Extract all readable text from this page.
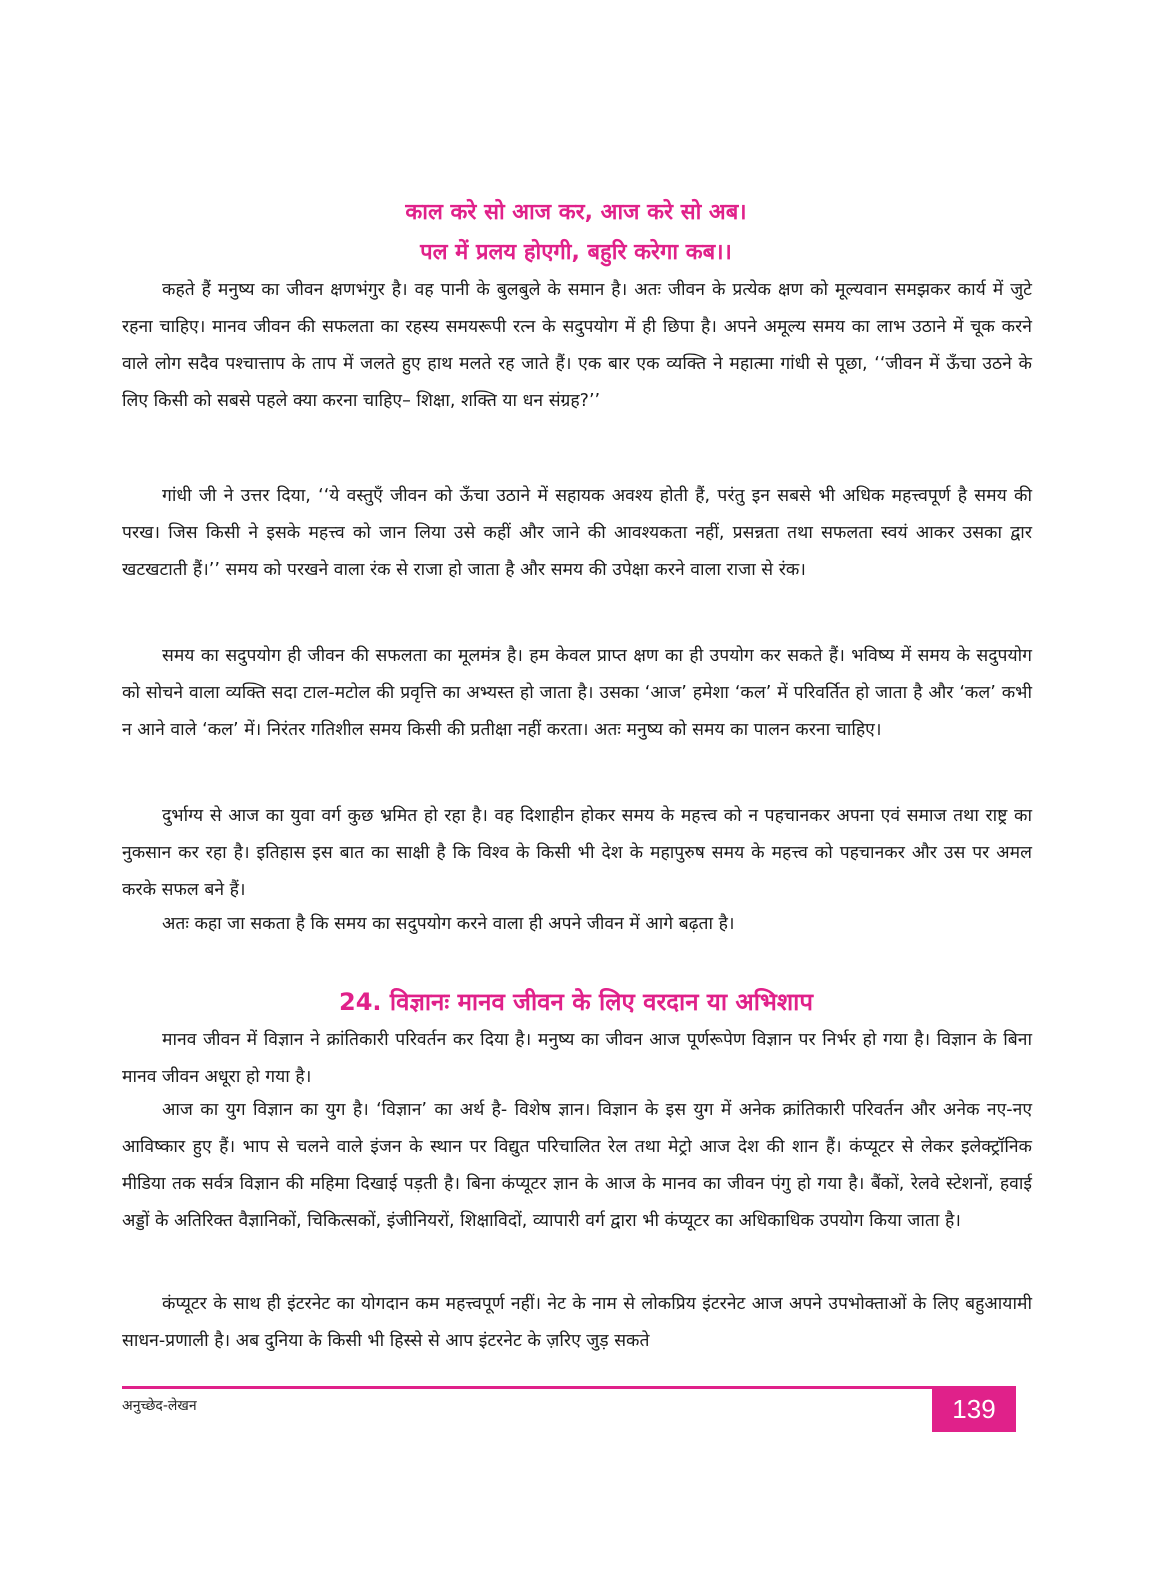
काल करे सो आज कर, आज करे सो अब।
पल में प्रलय होएगी, बहुरि करेगा कब।।

कहते हैं मनुष्य का जीवन क्षणभंगुर है। वह पानी के बुलबुले के समान है। अतः जीवन के प्रत्येक क्षण को मूल्यवान समझकर कार्य में जुटे रहना चाहिए। मानव जीवन की सफलता का रहस्य समयरूपी रत्न के सदुपयोग में ही छिपा है। अपने अमूल्य समय का लाभ उठाने में चूक करने वाले लोग सदैव पश्चात्ताप के ताप में जलते हुए हाथ मलते रह जाते हैं। एक बार एक व्यक्ति ने महात्मा गांधी से पूछा, ‘‘जीवन में ऊँचा उठने के लिए किसी को सबसे पहले क्या करना चाहिए– शिक्षा, शक्ति या धन संग्रह?’’

गांधी जी ने उत्तर दिया, ‘‘ये वस्तुएँ जीवन को ऊँचा उठाने में सहायक अवश्य होती हैं, परंतु इन सबसे भी अधिक महत्त्वपूर्ण है समय की परख। जिस किसी ने इसके महत्त्व को जान लिया उसे कहीं और जाने की आवश्यकता नहीं, प्रसन्नता तथा सफलता स्वयं आकर उसका द्वार खटखटाती हैं।’’ समय को परखने वाला रंक से राजा हो जाता है और समय की उपेक्षा करने वाला राजा से रंक।

समय का सदुपयोग ही जीवन की सफलता का मूलमंत्र है। हम केवल प्राप्त क्षण का ही उपयोग कर सकते हैं। भविष्य में समय के सदुपयोग को सोचने वाला व्यक्ति सदा टाल-मटोल की प्रवृत्ति का अभ्यस्त हो जाता है। उसका ‘आज’ हमेशा ‘कल’ में परिवर्तित हो जाता है और ‘कल’ कभी न आने वाले ‘कल’ में। निरंतर गतिशील समय किसी की प्रतीक्षा नहीं करता। अतः मनुष्य को समय का पालन करना चाहिए।

दुर्भाग्य से आज का युवा वर्ग कुछ भ्रमित हो रहा है। वह दिशाहीन होकर समय के महत्त्व को न पहचानकर अपना एवं समाज तथा राष्ट्र का नुकसान कर रहा है। इतिहास इस बात का साक्षी है कि विश्व के किसी भी देश के महापुरुष समय के महत्त्व को पहचानकर और उस पर अमल करके सफल बने हैं।

अतः कहा जा सकता है कि समय का सदुपयोग करने वाला ही अपने जीवन में आगे बढ़ता है।

24. विज्ञानः मानव जीवन के लिए वरदान या अभिशाप

मानव जीवन में विज्ञान ने क्रांतिकारी परिवर्तन कर दिया है। मनुष्य का जीवन आज पूर्णरूपेण विज्ञान पर निर्भर हो गया है। विज्ञान के बिना मानव जीवन अधूरा हो गया है।

आज का युग विज्ञान का युग है। ‘विज्ञान’ का अर्थ है- विशेष ज्ञान। विज्ञान के इस युग में अनेक क्रांतिकारी परिवर्तन और अनेक नए-नए आविष्कार हुए हैं। भाप से चलने वाले इंजन के स्थान पर विद्युत परिचालित रेल तथा मेट्रो आज देश की शान हैं। कंप्यूटर से लेकर इलेक्ट्रॉनिक मीडिया तक सर्वत्र विज्ञान की महिमा दिखाई पड़ती है। बिना कंप्यूटर ज्ञान के आज के मानव का जीवन पंगु हो गया है। बैंकों, रेलवे स्टेशनों, हवाई अड्डों के अतिरिक्त वैज्ञानिकों, चिकित्सकों, इंजीनियरों, शिक्षाविदों, व्यापारी वर्ग द्वारा भी कंप्यूटर का अधिकाधिक उपयोग किया जाता है।

कंप्यूटर के साथ ही इंटरनेट का योगदान कम महत्त्वपूर्ण नहीं। नेट के नाम से लोकप्रिय इंटरनेट आज अपने उपभोक्ताओं के लिए बहुआयामी साधन-प्रणाली है। अब दुनिया के किसी भी हिस्से से आप इंटरनेट के ज़रिए जुड़ सकते

अनुच्छेद-लेखन	139
